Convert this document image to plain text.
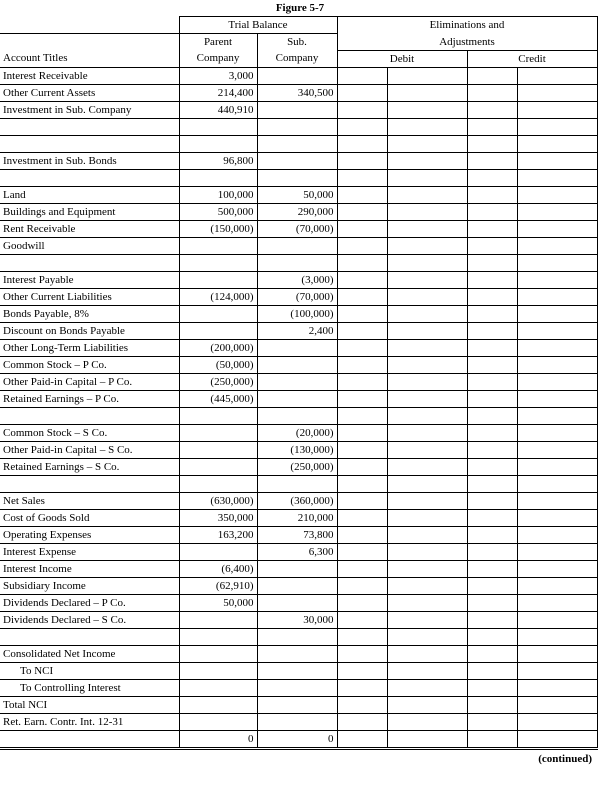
Figure 5-7
	Trial Balance		Eliminations and			
	Parent	Sub.	Adjustments			
Account Titles	Company	Company	Debit		Credit	
Interest Receivable	3,000					
Other Current Assets	214,400	340,500				
Investment in Sub. Company	440,910					

Investment in Sub. Bonds	96,800					

Land	100,000	50,000				
Buildings and Equipment	500,000	290,000				
Rent Receivable	(150,000)	(70,000)				
Goodwill						

Interest Payable		(3,000)				
Other Current Liabilities	(124,000)	(70,000)				
Bonds Payable, 8%		(100,000)				
Discount on Bonds Payable		2,400				
Other Long-Term Liabilities	(200,000)					
Common Stock – P Co.	(50,000)					
Other Paid-in Capital – P Co.	(250,000)					
Retained Earnings – P Co.	(445,000)					

Common Stock – S Co.		(20,000)				
Other Paid-in Capital – S Co.		(130,000)				
Retained Earnings – S Co.		(250,000)				

Net Sales	(630,000)	(360,000)				
Cost of Goods Sold	350,000	210,000				
Operating Expenses	163,200	73,800				
Interest Expense		6,300				
Interest Income	(6,400)					
Subsidiary Income	(62,910)					
Dividends Declared – P Co.	50,000					
Dividends Declared – S Co.		30,000				

Consolidated Net Income						
To NCI						
To Controlling Interest						
Total NCI						
Ret. Earn. Contr. Int. 12-31						
	0	0				
(continued)
